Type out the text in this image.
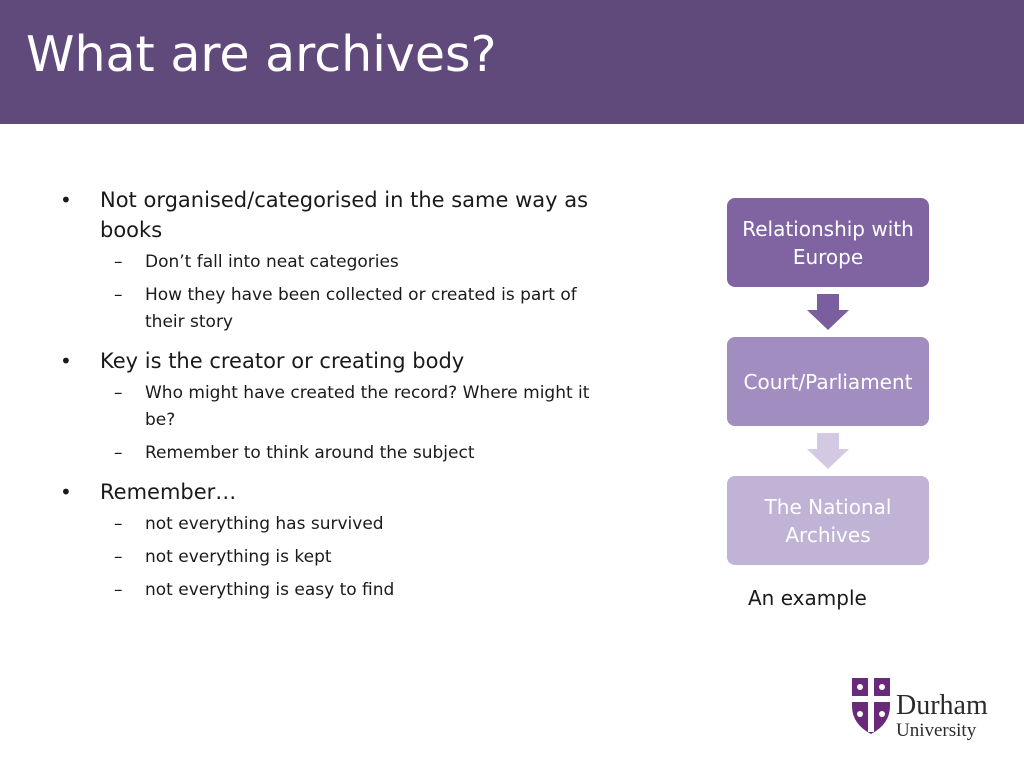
What are archives?
• Not organised/categorised in the same way as books
– Don’t fall into neat categories
– How they have been collected or created is part of their story
• Key is the creator or creating body
– Who might have created the record? Where might it be?
– Remember to think around the subject
• Remember…
– not everything has survived
– not everything is kept
– not everything is easy to find
Relationship with Europe
Court/Parliament
The National Archives

An example

Durham
University
